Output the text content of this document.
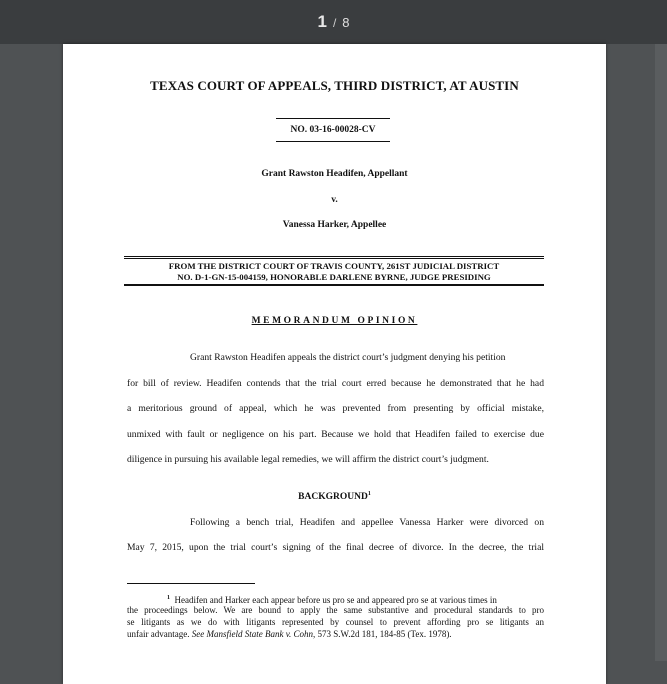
1 / 8
TEXAS COURT OF APPEALS, THIRD DISTRICT, AT AUSTIN
NO. 03-16-00028-CV
Grant Rawston Headifen, Appellant
v.
Vanessa Harker, Appellee
FROM THE DISTRICT COURT OF TRAVIS COUNTY, 261ST JUDICIAL DISTRICT
NO. D-1-GN-15-004159, HONORABLE DARLENE BYRNE, JUDGE PRESIDING
MEMORANDUM OPINION
Grant Rawston Headifen appeals the district court’s judgment denying his petition
for bill of review. Headifen contends that the trial court erred because he demonstrated that he had
a meritorious ground of appeal, which he was prevented from presenting by official mistake,
unmixed with fault or negligence on his part. Because we hold that Headifen failed to exercise due
diligence in pursuing his available legal remedies, we will affirm the district court’s judgment.
BACKGROUND$^1$
Following a bench trial, Headifen and appellee Vanessa Harker were divorced on
May 7, 2015, upon the trial court’s signing of the final decree of divorce. In the decree, the trial
$^1$ Headifen and Harker each appear before us pro se and appeared pro se at various times in
the proceedings below. We are bound to apply the same substantive and procedural standards to pro
se litigants as we do with litigants represented by counsel to prevent affording pro se litigants an
unfair advantage. See Mansfield State Bank v. Cohn, 573 S.W.2d 181, 184-85 (Tex. 1978).
